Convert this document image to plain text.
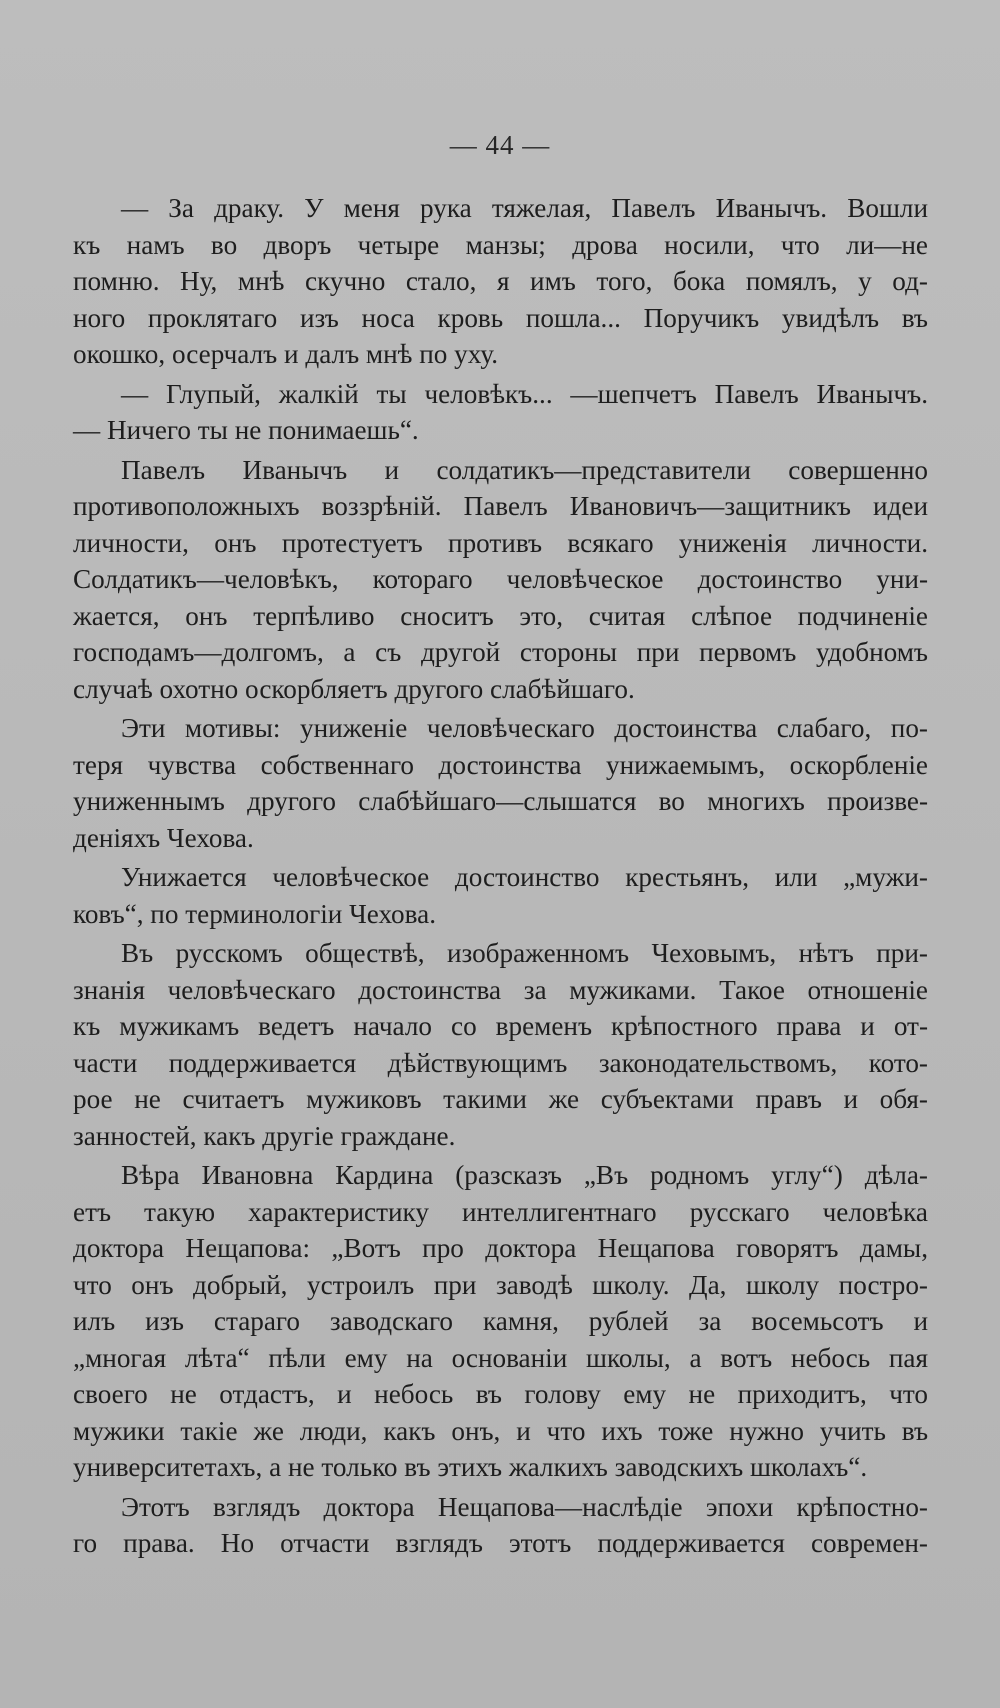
— 44 —
— За драку. У меня рука тяжелая, Павелъ Иванычъ. Вошли
къ намъ во дворъ четыре манзы; дрова носили, что ли—не
помню. Ну, мнѣ скучно стало, я имъ того, бока помялъ, у од-
ного проклятаго изъ носа кровь пошла... Поручикъ увидѣлъ въ
окошко, осерчалъ и далъ мнѣ по уху.
— Глупый, жалкій ты человѣкъ... —шепчетъ Павелъ Иванычъ.
— Ничего ты не понимаешь“.
Павелъ Иванычъ и солдатикъ—представители совершенно
противоположныхъ воззрѣній. Павелъ Ивановичъ—защитникъ идеи
личности, онъ протестуетъ противъ всякаго униженія личности.
Солдатикъ—человѣкъ, котораго человѣческое достоинство уни-
жается, онъ терпѣливо сноситъ это, считая слѣпое подчиненіе
господамъ—долгомъ, а съ другой стороны при первомъ удобномъ
случаѣ охотно оскорбляетъ другого слабѣйшаго.
Эти мотивы: униженіе человѣческаго достоинства слабаго, по-
теря чувства собственнаго достоинства унижаемымъ, оскорбленіе
униженнымъ другого слабѣйшаго—слышатся во многихъ произве-
деніяхъ Чехова.
Унижается человѣческое достоинство крестьянъ, или „мужи-
ковъ“, по терминологіи Чехова.
Въ русскомъ обществѣ, изображенномъ Чеховымъ, нѣтъ при-
знанія человѣческаго достоинства за мужиками. Такое отношеніе
къ мужикамъ ведетъ начало со временъ крѣпостного права и от-
части поддерживается дѣйствующимъ законодательствомъ, кото-
рое не считаетъ мужиковъ такими же субъектами правъ и обя-
занностей, какъ другіе граждане.
Вѣра Ивановна Кардина (разсказъ „Въ родномъ углу“) дѣла-
етъ такую характеристику интеллигентнаго русскаго человѣка
доктора Нещапова: „Вотъ про доктора Нещапова говорятъ дамы,
что онъ добрый, устроилъ при заводѣ школу. Да, школу постро-
илъ изъ стараго заводскаго камня, рублей за восемьсотъ и
„многая лѣта“ пѣли ему на основаніи школы, а вотъ небось пая
своего не отдастъ, и небось въ голову ему не приходитъ, что
мужики такіе же люди, какъ онъ, и что ихъ тоже нужно учить въ
университетахъ, а не только въ этихъ жалкихъ заводскихъ школахъ“.
Этотъ взглядъ доктора Нещапова—наслѣдіе эпохи крѣпостно-
го права. Но отчасти взглядъ этотъ поддерживается современ-
